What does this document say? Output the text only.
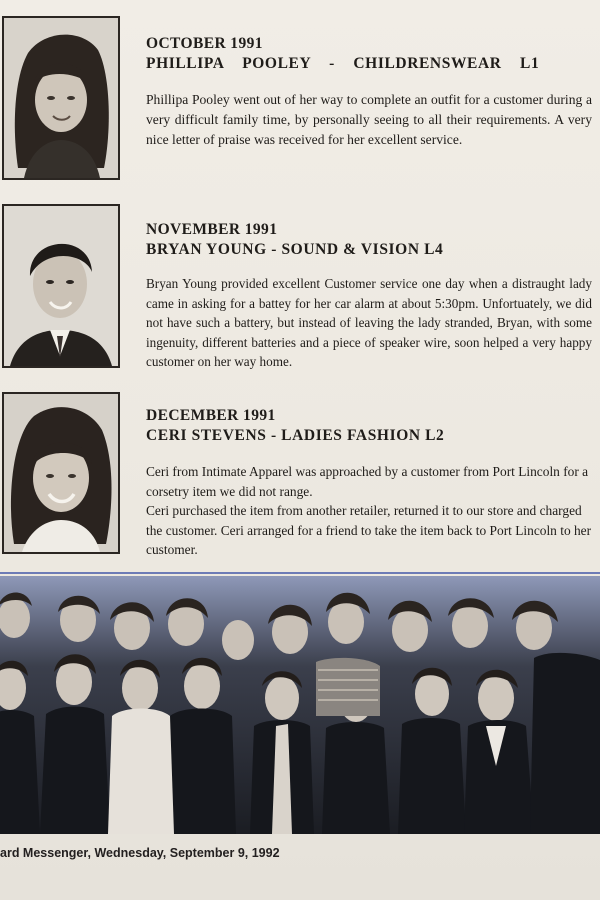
OCTOBER 1991
PHILLIPA POOLEY - CHILDRENSWEAR L1

Phillipa Pooley went out of her way to complete an outfit for a customer during a very difficult family time, by personally seeing to all their requirements. A very nice letter of praise was received for her excellent service.

NOVEMBER 1991
BRYAN YOUNG - SOUND & VISION L4

Bryan Young provided excellent Customer service one day when a distraught lady came in asking for a battey for her car alarm at about 5:30pm. Unfortuately, we did not have such a battery, but instead of leaving the lady stranded, Bryan, with some ingenuity, different batteries and a piece of speaker wire, soon helped a very happy customer on her way home.

DECEMBER 1991
CERI STEVENS - LADIES FASHION L2

Ceri from Intimate Apparel was approached by a customer from Port Lincoln for a corsetry item we did not range.

Ceri purchased the item from another retailer, returned it to our store and charged the customer. Ceri arranged for a friend to take the item back to Port Lincoln to her customer.

ard Messenger, Wednesday, September 9, 1992
